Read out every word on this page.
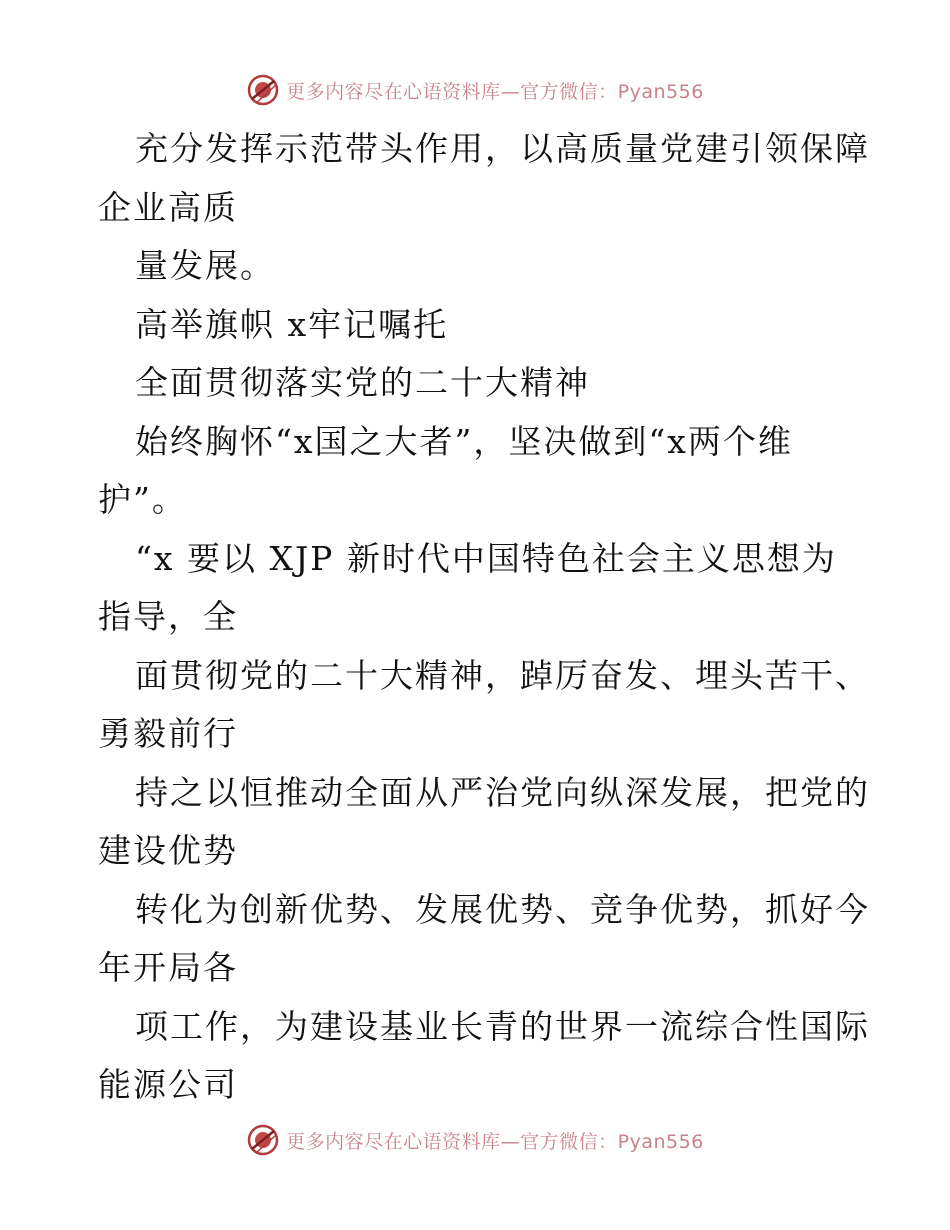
更多内容尽在心语资料库—官方微信：Pyan556
充分发挥示范带头作用，以高质量党建引领保障
企业高质
量发展。
高举旗帜 x牢记嘱托
全面贯彻落实党的二十大精神
始终胸怀“x国之大者”，坚决做到“x两个维
护”。
“x 要以 XJP 新时代中国特色社会主义思想为
指导，全
面贯彻党的二十大精神，踔厉奋发、埋头苦干、
勇毅前行
持之以恒推动全面从严治党向纵深发展，把党的
建设优势
转化为创新优势、发展优势、竞争优势，抓好今
年开局各
项工作，为建设基业长青的世界一流综合性国际
能源公司
更多内容尽在心语资料库—官方微信：Pyan556
